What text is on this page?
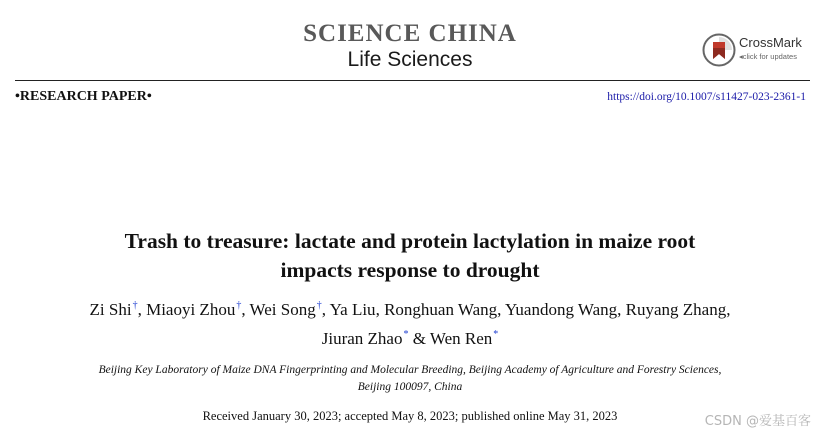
SCIENCE CHINA
Life Sciences
CrossMark
◂click for updates
•RESEARCH PAPER•	https://doi.org/10.1007/s11427-023-2361-1
Trash to treasure: lactate and protein lactylation in maize root
impacts response to drought
Zi Shi†, Miaoyi Zhou†, Wei Song†, Ya Liu, Ronghuan Wang, Yuandong Wang, Ruyang Zhang,
Jiuran Zhao* & Wen Ren*
Beijing Key Laboratory of Maize DNA Fingerprinting and Molecular Breeding, Beijing Academy of Agriculture and Forestry Sciences,
Beijing 100097, China
Received January 30, 2023; accepted May 8, 2023; published online May 31, 2023	CSDN @爱基百客
